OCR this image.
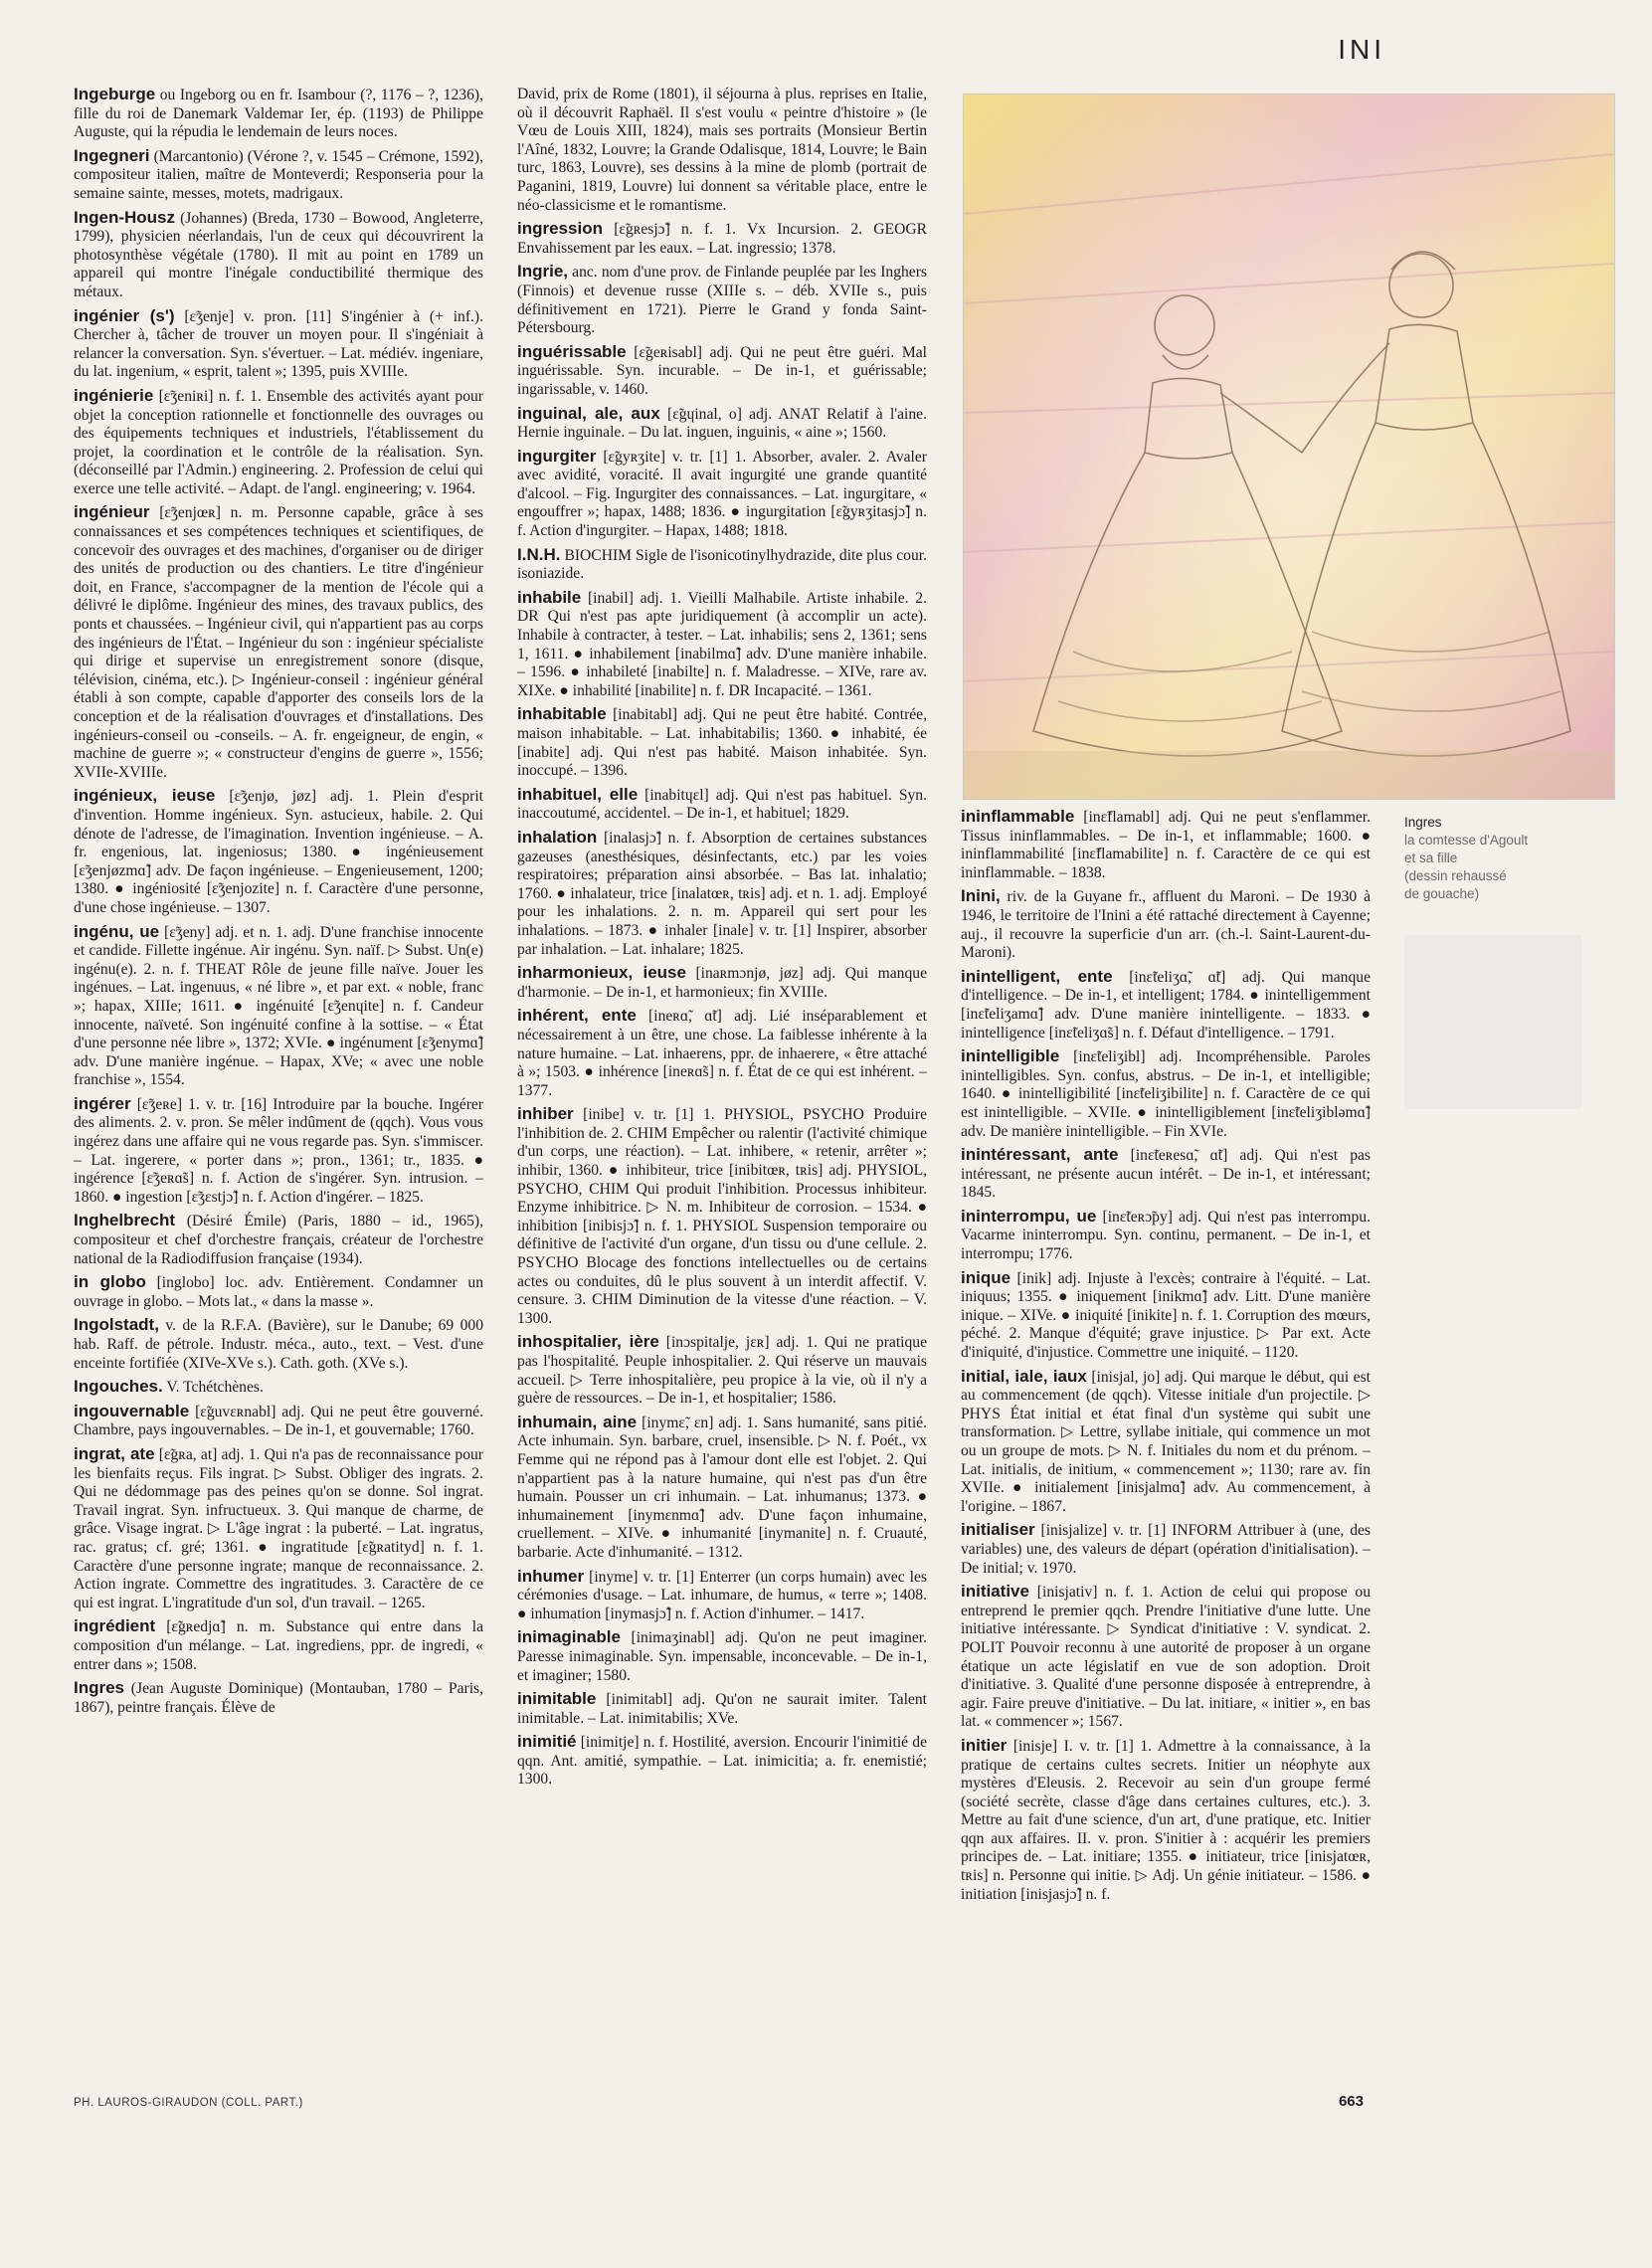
INI

Ingeburge ou Ingeborg ou en fr. Isambour (?, 1176 – ?, 1236), fille du roi de Danemark Valdemar Ier, ép. (1193) de Philippe Auguste, qui la répudia le lendemain de leurs noces.

Ingegneri (Marcantonio) (Vérone ?, v. 1545 – Crémone, 1592), compositeur italien, maître de Monteverdi; Responseria pour la semaine sainte, messes, motets, madrigaux.

Ingen-Housz (Johannes) (Breda, 1730 – Bowood, Angleterre, 1799), physicien néerlandais, l'un de ceux qui découvrirent la photosynthèse végétale (1780). Il mit au point en 1789 un appareil qui montre l'inégale conductibilité thermique des métaux.

ingénier (s') [ɛ̃ʒenje] v. pron. [11] S'ingénier à (+ inf.). Chercher à, tâcher de trouver un moyen pour. Il s'ingéniait à relancer la conversation. Syn. s'évertuer. – Lat. médiév. ingeniare, du lat. ingenium, « esprit, talent »; 1395, puis XVIIIe.

ingénierie [ɛ̃ʒeniʀi] n. f. 1. Ensemble des activités ayant pour objet la conception rationnelle et fonctionnelle des ouvrages ou des équipements techniques et industriels, l'établissement du projet, la coordination et le contrôle de la réalisation. Syn. (déconseillé par l'Admin.) engineering. 2. Profession de celui qui exerce une telle activité. – Adapt. de l'angl. engineering; v. 1964.

ingénieur [ɛ̃ʒenjœʀ] n. m. Personne capable, grâce à ses connaissances et ses compétences techniques et scientifiques, de concevoir des ouvrages et des machines, d'organiser ou de diriger des unités de production ou des chantiers. Le titre d'ingénieur doit, en France, s'accompagner de la mention de l'école qui a délivré le diplôme. Ingénieur des mines, des travaux publics, des ponts et chaussées. – Ingénieur civil, qui n'appartient pas au corps des ingénieurs de l'État. – Ingénieur du son : ingénieur spécialiste qui dirige et supervise un enregistrement sonore (disque, télévision, cinéma, etc.). ▷ Ingénieur-conseil : ingénieur général établi à son compte, capable d'apporter des conseils lors de la conception et de la réalisation d'ouvrages et d'installations. Des ingénieurs-conseil ou -conseils. – A. fr. engeigneur, de engin, « machine de guerre »; « constructeur d'engins de guerre », 1556; XVIIe-XVIIIe.

ingénieux, ieuse [ɛ̃ʒenjø, jøz] adj. 1. Plein d'esprit d'invention. Homme ingénieux. Syn. astucieux, habile. 2. Qui dénote de l'adresse, de l'imagination. Invention ingénieuse. – A. fr. engenious, lat. ingeniosus; 1380. ● ingénieusement [ɛ̃ʒenjøzmɑ̃] adv. De façon ingénieuse. – Engenieusement, 1200; 1380. ● ingéniosité [ɛ̃ʒenjozite] n. f. Caractère d'une personne, d'une chose ingénieuse. – 1307.

ingénu, ue [ɛ̃ʒeny] adj. et n. 1. adj. D'une franchise innocente et candide. Fillette ingénue. Air ingénu. Syn. naïf. ▷ Subst. Un(e) ingénu(e). 2. n. f. THEAT Rôle de jeune fille naïve. Jouer les ingénues. – Lat. ingenuus, « né libre », et par ext. « noble, franc »; hapax, XIIIe; 1611. ● ingénuité [ɛ̃ʒenɥite] n. f. Candeur innocente, naïveté. Son ingénuité confine à la sottise. – « État d'une personne née libre », 1372; XVIe. ● ingénument [ɛ̃ʒenymɑ̃] adv. D'une manière ingénue. – Hapax, XVe; « avec une noble franchise », 1554.

ingérer [ɛ̃ʒeʀe] 1. v. tr. [16] Introduire par la bouche. Ingérer des aliments. 2. v. pron. Se mêler indûment de (qqch). Vous vous ingérez dans une affaire qui ne vous regarde pas. Syn. s'immiscer. – Lat. ingerere, « porter dans »; pron., 1361; tr., 1835. ● ingérence [ɛ̃ʒeʀɑ̃s] n. f. Action de s'ingérer. Syn. intrusion. – 1860. ● ingestion [ɛ̃ʒɛstjɔ̃] n. f. Action d'ingérer. – 1825.

Inghelbrecht (Désiré Émile) (Paris, 1880 – id., 1965), compositeur et chef d'orchestre français, créateur de l'orchestre national de la Radiodiffusion française (1934).

in globo [inglobo] loc. adv. Entièrement. Condamner un ouvrage in globo. – Mots lat., « dans la masse ».

Ingolstadt, v. de la R.F.A. (Bavière), sur le Danube; 69 000 hab. Raff. de pétrole. Industr. méca., auto., text. – Vest. d'une enceinte fortifiée (XIVe-XVe s.). Cath. goth. (XVe s.).

Ingouches. V. Tchétchènes.

ingouvernable [ɛ̃guvɛʀnabl] adj. Qui ne peut être gouverné. Chambre, pays ingouvernables. – De in-1, et gouvernable; 1760.

ingrat, ate [ɛ̃gʀa, at] adj. 1. Qui n'a pas de reconnaissance pour les bienfaits reçus. Fils ingrat. ▷ Subst. Obliger des ingrats. 2. Qui ne dédommage pas des peines qu'on se donne. Sol ingrat. Travail ingrat. Syn. infructueux. 3. Qui manque de charme, de grâce. Visage ingrat. ▷ L'âge ingrat : la puberté. – Lat. ingratus, rac. gratus; cf. gré; 1361. ● ingratitude [ɛ̃gʀatityd] n. f. 1. Caractère d'une personne ingrate; manque de reconnaissance. 2. Action ingrate. Commettre des ingratitudes. 3. Caractère de ce qui est ingrat. L'ingratitude d'un sol, d'un travail. – 1265.

ingrédient [ɛ̃gʀedjɑ̃] n. m. Substance qui entre dans la composition d'un mélange. – Lat. ingrediens, ppr. de ingredi, « entrer dans »; 1508.

Ingres (Jean Auguste Dominique) (Montauban, 1780 – Paris, 1867), peintre français. Élève de

David, prix de Rome (1801), il séjourna à plus. reprises en Italie, où il découvrit Raphaël. Il s'est voulu « peintre d'histoire » (le Vœu de Louis XIII, 1824), mais ses portraits (Monsieur Bertin l'Aîné, 1832, Louvre; la Grande Odalisque, 1814, Louvre; le Bain turc, 1863, Louvre), ses dessins à la mine de plomb (portrait de Paganini, 1819, Louvre) lui donnent sa véritable place, entre le néo-classicisme et le romantisme.

ingression [ɛ̃gʀesjɔ̃] n. f. 1. Vx Incursion. 2. GEOGR Envahissement par les eaux. – Lat. ingressio; 1378.

Ingrie, anc. nom d'une prov. de Finlande peuplée par les Inghers (Finnois) et devenue russe (XIIIe s. – déb. XVIIe s., puis définitivement en 1721). Pierre le Grand y fonda Saint-Pétersbourg.

inguérissable [ɛ̃geʀisabl] adj. Qui ne peut être guéri. Mal inguérissable. Syn. incurable. – De in-1, et guérissable; ingarissable, v. 1460.

inguinal, ale, aux [ɛ̃gɥinal, o] adj. ANAT Relatif à l'aine. Hernie inguinale. – Du lat. inguen, inguinis, « aine »; 1560.

ingurgiter [ɛ̃gyʀʒite] v. tr. [1] 1. Absorber, avaler. 2. Avaler avec avidité, voracité. Il avait ingurgité une grande quantité d'alcool. – Fig. Ingurgiter des connaissances. – Lat. ingurgitare, « engouffrer »; hapax, 1488; 1836. ● ingurgitation [ɛ̃gyʀʒitasjɔ̃] n. f. Action d'ingurgiter. – Hapax, 1488; 1818.

I.N.H. BIOCHIM Sigle de l'isonicotinylhydrazide, dite plus cour. isoniazide.

inhabile [inabil] adj. 1. Vieilli Malhabile. Artiste inhabile. 2. DR Qui n'est pas apte juridiquement (à accomplir un acte). Inhabile à contracter, à tester. – Lat. inhabilis; sens 2, 1361; sens 1, 1611. ● inhabilement [inabilmɑ̃] adv. D'une manière inhabile. – 1596. ● inhabileté [inabilte] n. f. Maladresse. – XIVe, rare av. XIXe. ● inhabilité [inabilite] n. f. DR Incapacité. – 1361.

inhabitable [inabitabl] adj. Qui ne peut être habité. Contrée, maison inhabitable. – Lat. inhabitabilis; 1360. ● inhabité, ée [inabite] adj. Qui n'est pas habité. Maison inhabitée. Syn. inoccupé. – 1396.

inhabituel, elle [inabitɥɛl] adj. Qui n'est pas habituel. Syn. inaccoutumé, accidentel. – De in-1, et habituel; 1829.

inhalation [inalasjɔ̃] n. f. Absorption de certaines substances gazeuses (anesthésiques, désinfectants, etc.) par les voies respiratoires; préparation ainsi absorbée. – Bas lat. inhalatio; 1760. ● inhalateur, trice [inalatœʀ, tʀis] adj. et n. 1. adj. Employé pour les inhalations. 2. n. m. Appareil qui sert pour les inhalations. – 1873. ● inhaler [inale] v. tr. [1] Inspirer, absorber par inhalation. – Lat. inhalare; 1825.

inharmonieux, ieuse [inaʀmɔnjø, jøz] adj. Qui manque d'harmonie. – De in-1, et harmonieux; fin XVIIIe.

inhérent, ente [ineʀɑ̃, ɑ̃t] adj. Lié inséparablement et nécessairement à un être, une chose. La faiblesse inhérente à la nature humaine. – Lat. inhaerens, ppr. de inhaerere, « être attaché à »; 1503. ● inhérence [ineʀɑ̃s] n. f. État de ce qui est inhérent. – 1377.

inhiber [inibe] v. tr. [1] 1. PHYSIOL, PSYCHO Produire l'inhibition de. 2. CHIM Empêcher ou ralentir (l'activité chimique d'un corps, une réaction). – Lat. inhibere, « retenir, arrêter »; inhibir, 1360. ● inhibiteur, trice [inibitœʀ, tʀis] adj. PHYSIOL, PSYCHO, CHIM Qui produit l'inhibition. Processus inhibiteur. Enzyme inhibitrice. ▷ N. m. Inhibiteur de corrosion. – 1534. ● inhibition [inibisjɔ̃] n. f. 1. PHYSIOL Suspension temporaire ou définitive de l'activité d'un organe, d'un tissu ou d'une cellule. 2. PSYCHO Blocage des fonctions intellectuelles ou de certains actes ou conduites, dû le plus souvent à un interdit affectif. V. censure. 3. CHIM Diminution de la vitesse d'une réaction. – V. 1300.

inhospitalier, ière [inɔspitalje, jɛʀ] adj. 1. Qui ne pratique pas l'hospitalité. Peuple inhospitalier. 2. Qui réserve un mauvais accueil. ▷ Terre inhospitalière, peu propice à la vie, où il n'y a guère de ressources. – De in-1, et hospitalier; 1586.

inhumain, aine [inymɛ̃, ɛn] adj. 1. Sans humanité, sans pitié. Acte inhumain. Syn. barbare, cruel, insensible. ▷ N. f. Poét., vx Femme qui ne répond pas à l'amour dont elle est l'objet. 2. Qui n'appartient pas à la nature humaine, qui n'est pas d'un être humain. Pousser un cri inhumain. – Lat. inhumanus; 1373. ● inhumainement [inymɛnmɑ̃] adv. D'une façon inhumaine, cruellement. – XIVe. ● inhumanité [inymanite] n. f. Cruauté, barbarie. Acte d'inhumanité. – 1312.

inhumer [inyme] v. tr. [1] Enterrer (un corps humain) avec les cérémonies d'usage. – Lat. inhumare, de humus, « terre »; 1408. ● inhumation [inymasjɔ̃] n. f. Action d'inhumer. – 1417.

inimaginable [inimaʒinabl] adj. Qu'on ne peut imaginer. Paresse inimaginable. Syn. impensable, inconcevable. – De in-1, et imaginer; 1580.

inimitable [inimitabl] adj. Qu'on ne saurait imiter. Talent inimitable. – Lat. inimitabilis; XVe.

inimitié [inimitje] n. f. Hostilité, aversion. Encourir l'inimitié de qqn. Ant. amitié, sympathie. – Lat. inimicitia; a. fr. enemistié; 1300.

Ingres
la comtesse d'Agoult
et sa fille
(dessin rehaussé
de gouache)

ininflammable [inɛ̃flamabl] adj. Qui ne peut s'enflammer. Tissus ininflammables. – De in-1, et inflammable; 1600. ● ininflammabilité [inɛ̃flamabilite] n. f. Caractère de ce qui est ininflammable. – 1838.

Inini, riv. de la Guyane fr., affluent du Maroni. – De 1930 à 1946, le territoire de l'Inini a été rattaché directement à Cayenne; auj., il recouvre la superficie d'un arr. (ch.-l. Saint-Laurent-du-Maroni).

inintelligent, ente [inɛ̃teliʒɑ̃, ɑ̃t] adj. Qui manque d'intelligence. – De in-1, et intelligent; 1784. ● inintelligemment [inɛ̃teliʒamɑ̃] adv. D'une manière inintelligente. – 1833. ● inintelligence [inɛ̃teliʒɑ̃s] n. f. Défaut d'intelligence. – 1791.

inintelligible [inɛ̃teliʒibl] adj. Incompréhensible. Paroles inintelligibles. Syn. confus, abstrus. – De in-1, et intelligible; 1640. ● inintelligibilité [inɛ̃teliʒibilite] n. f. Caractère de ce qui est inintelligible. – XVIIe. ● inintelligiblement [inɛ̃teliʒibləmɑ̃] adv. De manière inintelligible. – Fin XVIe.

inintéressant, ante [inɛ̃teʀesɑ̃, ɑ̃t] adj. Qui n'est pas intéressant, ne présente aucun intérêt. – De in-1, et intéressant; 1845.

ininterrompu, ue [inɛ̃teʀɔ̃py] adj. Qui n'est pas interrompu. Vacarme ininterrompu. Syn. continu, permanent. – De in-1, et interrompu; 1776.

inique [inik] adj. Injuste à l'excès; contraire à l'équité. – Lat. iniquus; 1355. ● iniquement [inikmɑ̃] adv. Litt. D'une manière inique. – XIVe. ● iniquité [inikite] n. f. 1. Corruption des mœurs, péché. 2. Manque d'équité; grave injustice. ▷ Par ext. Acte d'iniquité, d'injustice. Commettre une iniquité. – 1120.

initial, iale, iaux [inisjal, jo] adj. Qui marque le début, qui est au commencement (de qqch). Vitesse initiale d'un projectile. ▷ PHYS État initial et état final d'un système qui subit une transformation. ▷ Lettre, syllabe initiale, qui commence un mot ou un groupe de mots. ▷ N. f. Initiales du nom et du prénom. – Lat. initialis, de initium, « commencement »; 1130; rare av. fin XVIIe. ● initialement [inisjalmɑ̃] adv. Au commencement, à l'origine. – 1867.

initialiser [inisjalize] v. tr. [1] INFORM Attribuer à (une, des variables) une, des valeurs de départ (opération d'initialisation). – De initial; v. 1970.

initiative [inisjativ] n. f. 1. Action de celui qui propose ou entreprend le premier qqch. Prendre l'initiative d'une lutte. Une initiative intéressante. ▷ Syndicat d'initiative : V. syndicat. 2. POLIT Pouvoir reconnu à une autorité de proposer à un organe étatique un acte législatif en vue de son adoption. Droit d'initiative. 3. Qualité d'une personne disposée à entreprendre, à agir. Faire preuve d'initiative. – Du lat. initiare, « initier », en bas lat. « commencer »; 1567.

initier [inisje] I. v. tr. [1] 1. Admettre à la connaissance, à la pratique de certains cultes secrets. Initier un néophyte aux mystères d'Eleusis. 2. Recevoir au sein d'un groupe fermé (société secrète, classe d'âge dans certaines cultures, etc.). 3. Mettre au fait d'une science, d'un art, d'une pratique, etc. Initier qqn aux affaires. II. v. pron. S'initier à : acquérir les premiers principes de. – Lat. initiare; 1355. ● initiateur, trice [inisjatœʀ, tʀis] n. Personne qui initie. ▷ Adj. Un génie initiateur. – 1586. ● initiation [inisjasjɔ̃] n. f.

PH. LAUROS-GIRAUDON (COLL. PART.)	663
